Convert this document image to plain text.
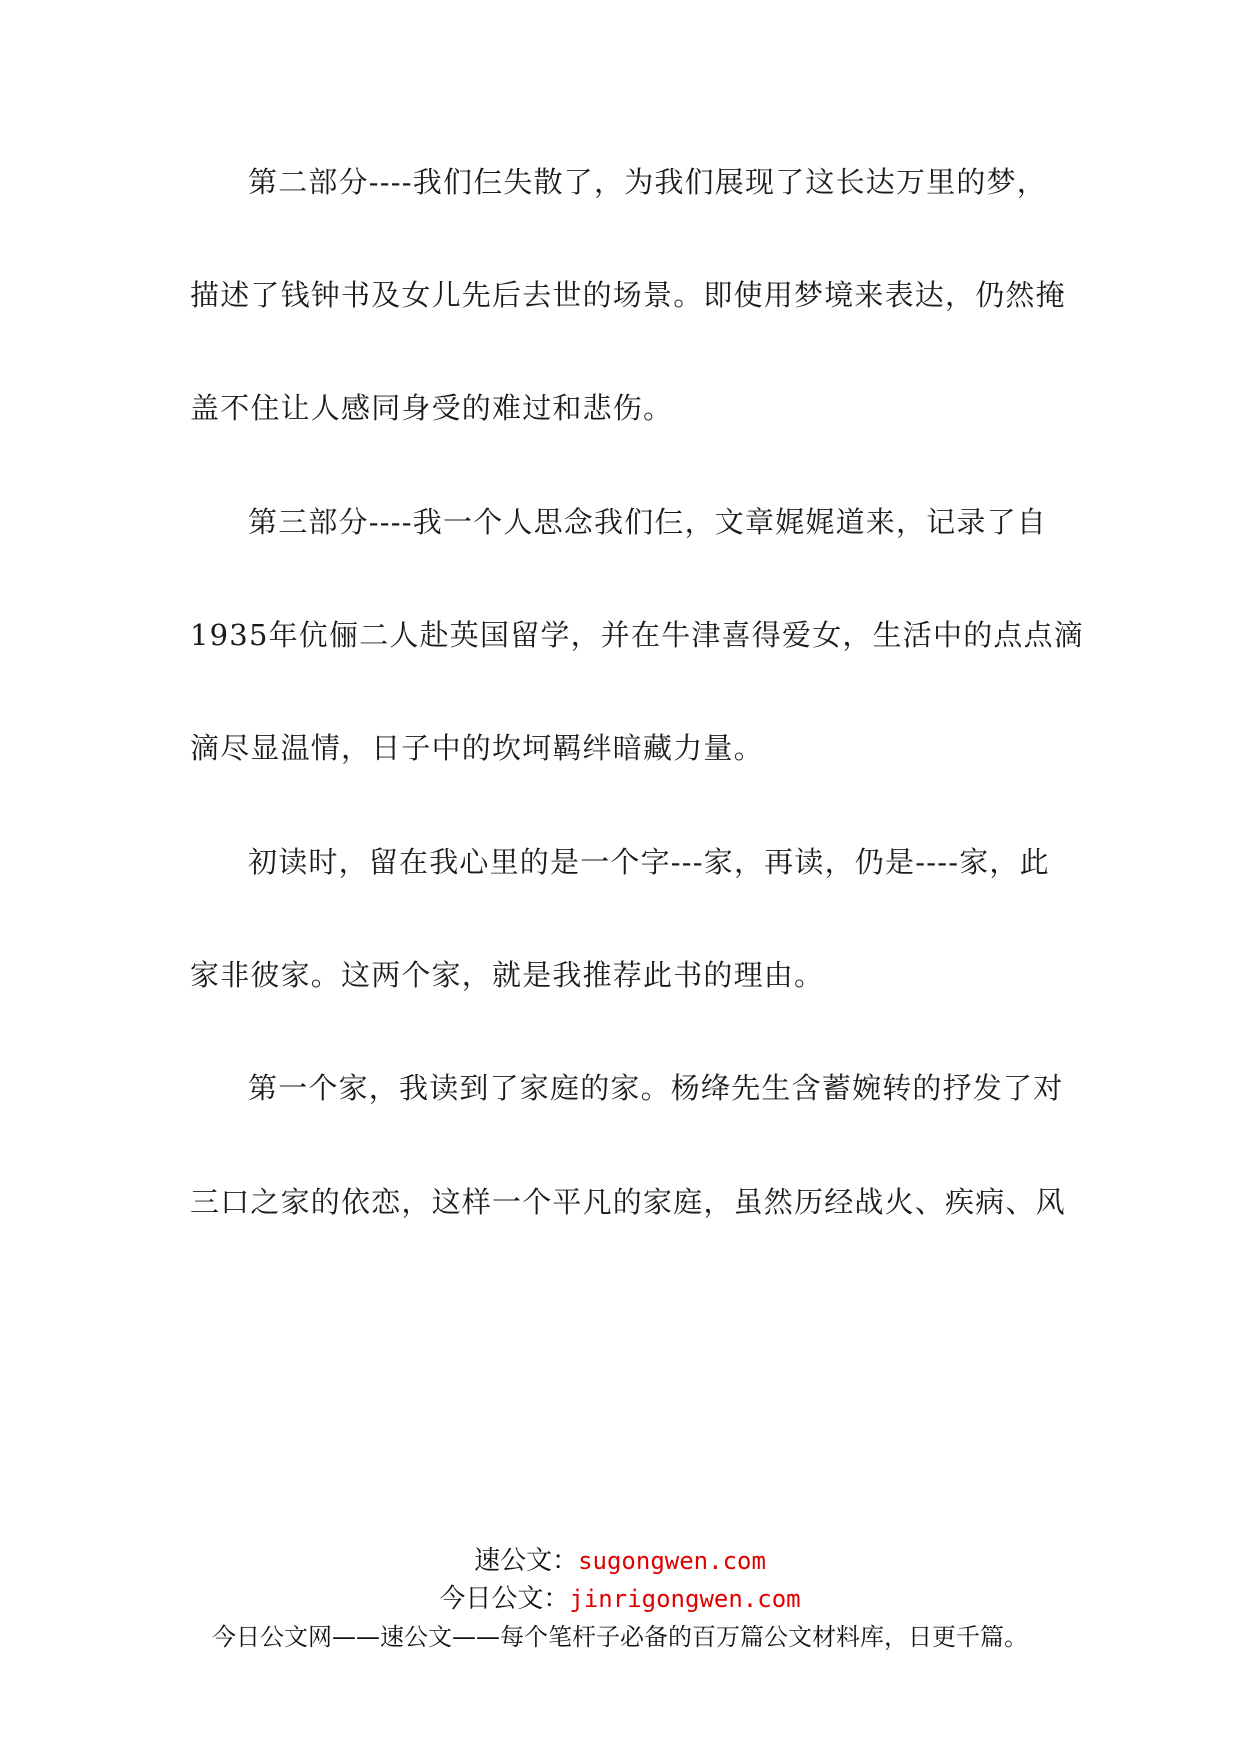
第二部分----我们仨失散了，为我们展现了这长达万里的梦，
描述了钱钟书及女儿先后去世的场景。即使用梦境来表达，仍然掩
盖不住让人感同身受的难过和悲伤。
第三部分----我一个人思念我们仨，文章娓娓道来，记录了自
1935年伉俪二人赴英国留学，并在牛津喜得爱女，生活中的点点滴
滴尽显温情，日子中的坎坷羁绊暗藏力量。
初读时，留在我心里的是一个字---家，再读，仍是----家，此
家非彼家。这两个家，就是我推荐此书的理由。
第一个家，我读到了家庭的家。杨绛先生含蓄婉转的抒发了对
三口之家的依恋，这样一个平凡的家庭，虽然历经战火、疾病、风
速公文：sugongwen.com
今日公文：jinrigongwen.com
今日公文网——速公文——每个笔杆子必备的百万篇公文材料库，日更千篇。
